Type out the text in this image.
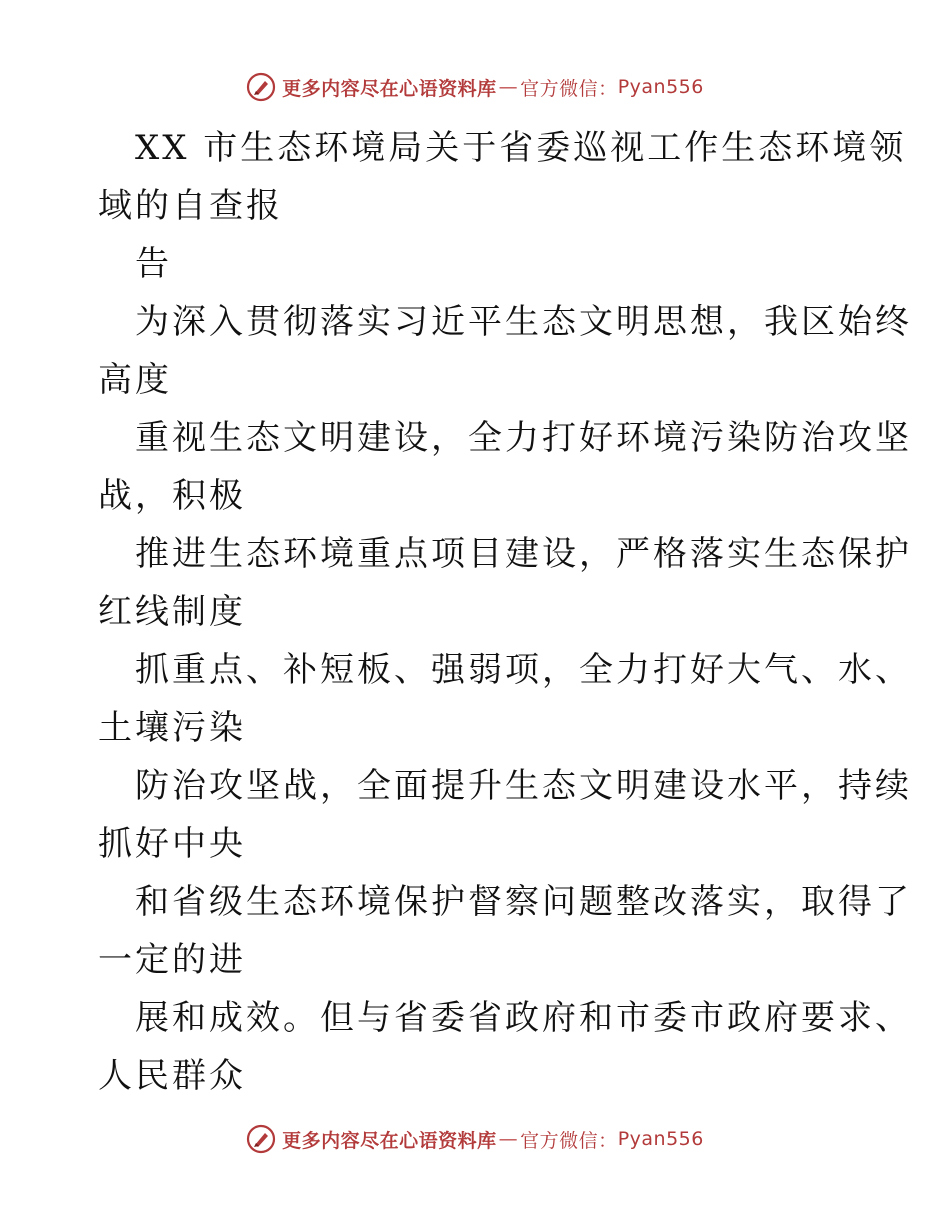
更多内容尽在心语资料库 — 官方微信： Pyan556
XX 市生态环境局关于省委巡视工作生态环境领
域的自查报
告
为深入贯彻落实习近平生态文明思想，我区始终
高度
重视生态文明建设，全力打好环境污染防治攻坚
战，积极
推进生态环境重点项目建设，严格落实生态保护
红线制度
抓重点、补短板、强弱项，全力打好大气、水、
土壤污染
防治攻坚战，全面提升生态文明建设水平，持续
抓好中央
和省级生态环境保护督察问题整改落实，取得了
一定的进
展和成效。但与省委省政府和市委市政府要求、
人民群众
更多内容尽在心语资料库 — 官方微信： Pyan556
